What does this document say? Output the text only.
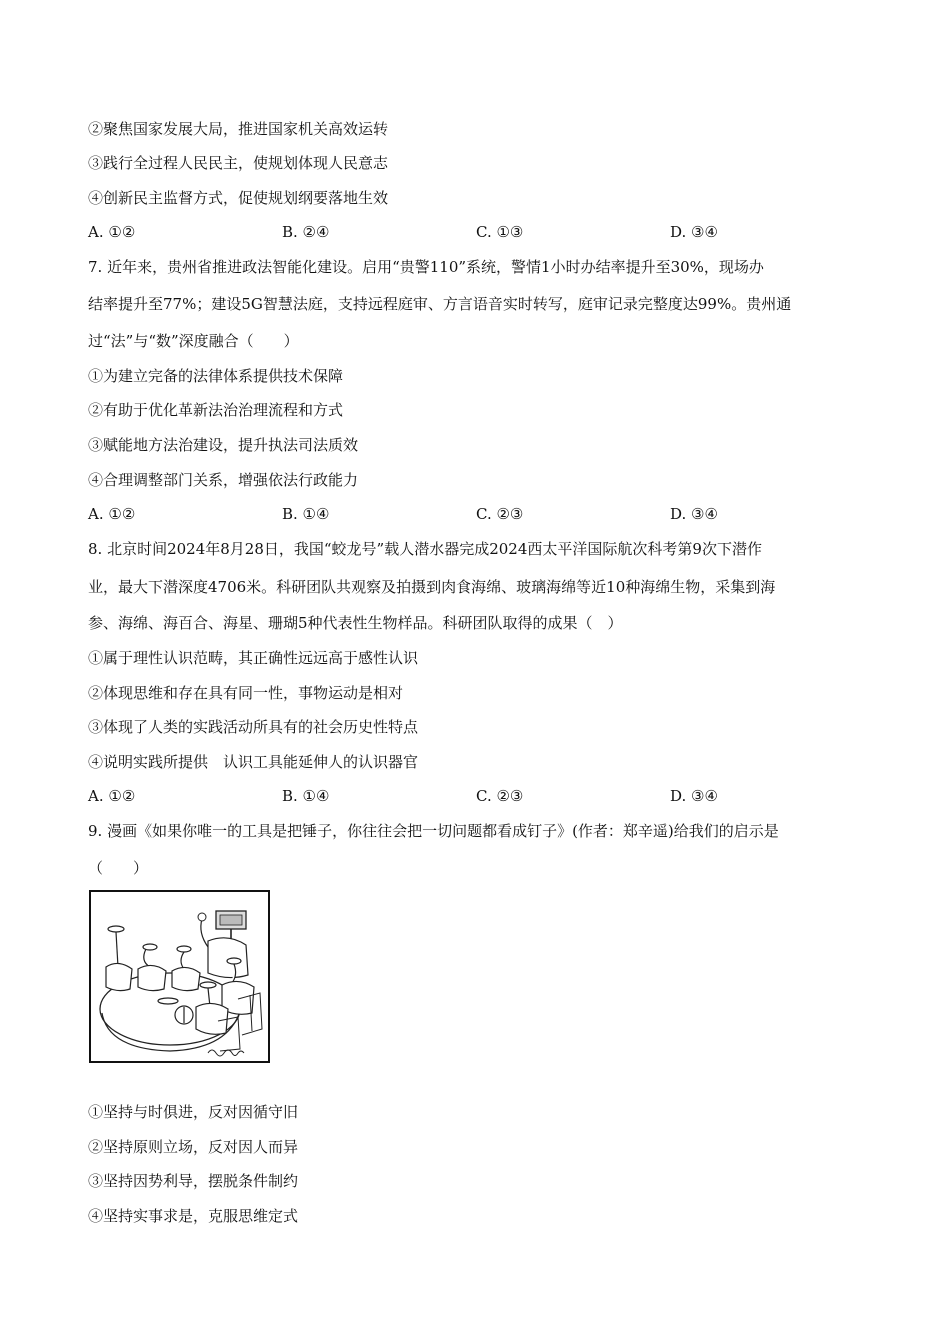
②聚焦国家发展大局，推进国家机关高效运转
③践行全过程人民民主，使规划体现人民意志
④创新民主监督方式，促使规划纲要落地生效
A. ①②	B. ②④	C. ①③	D. ③④
7. 近年来，贵州省推进政法智能化建设。启用“贵警110”系统，警情1小时办结率提升至30%，现场办
结率提升至77%；建设5G智慧法庭，支持远程庭审、方言语音实时转写，庭审记录完整度达99%。贵州通
过“法”与“数”深度融合（　　）
①为建立完备的法律体系提供技术保障
②有助于优化革新法治治理流程和方式
③赋能地方法治建设，提升执法司法质效
④合理调整部门关系，增强依法行政能力
A. ①②	B. ①④	C. ②③	D. ③④
8. 北京时间2024年8月28日，我国“蛟龙号”载人潜水器完成2024西太平洋国际航次科考第9次下潜作
业，最大下潜深度4706米。科研团队共观察及拍摄到肉食海绵、玻璃海绵等近10种海绵生物，采集到海
参、海绵、海百合、海星、珊瑚5种代表性生物样品。科研团队取得的成果（　）
①属于理性认识范畴，其正确性远远高于感性认识
②体现思维和存在具有同一性，事物运动是相对
③体现了人类的实践活动所具有的社会历史性特点
④说明实践所提供　认识工具能延伸人的认识器官
A. ①②	B. ①④	C. ②③	D. ③④
9. 漫画《如果你唯一的工具是把锤子，你往往会把一切问题都看成钉子》(作者：郑辛遥)给我们的启示是
（　　）
①坚持与时俱进，反对因循守旧
②坚持原则立场，反对因人而异
③坚持因势利导，摆脱条件制约
④坚持实事求是，克服思维定式
